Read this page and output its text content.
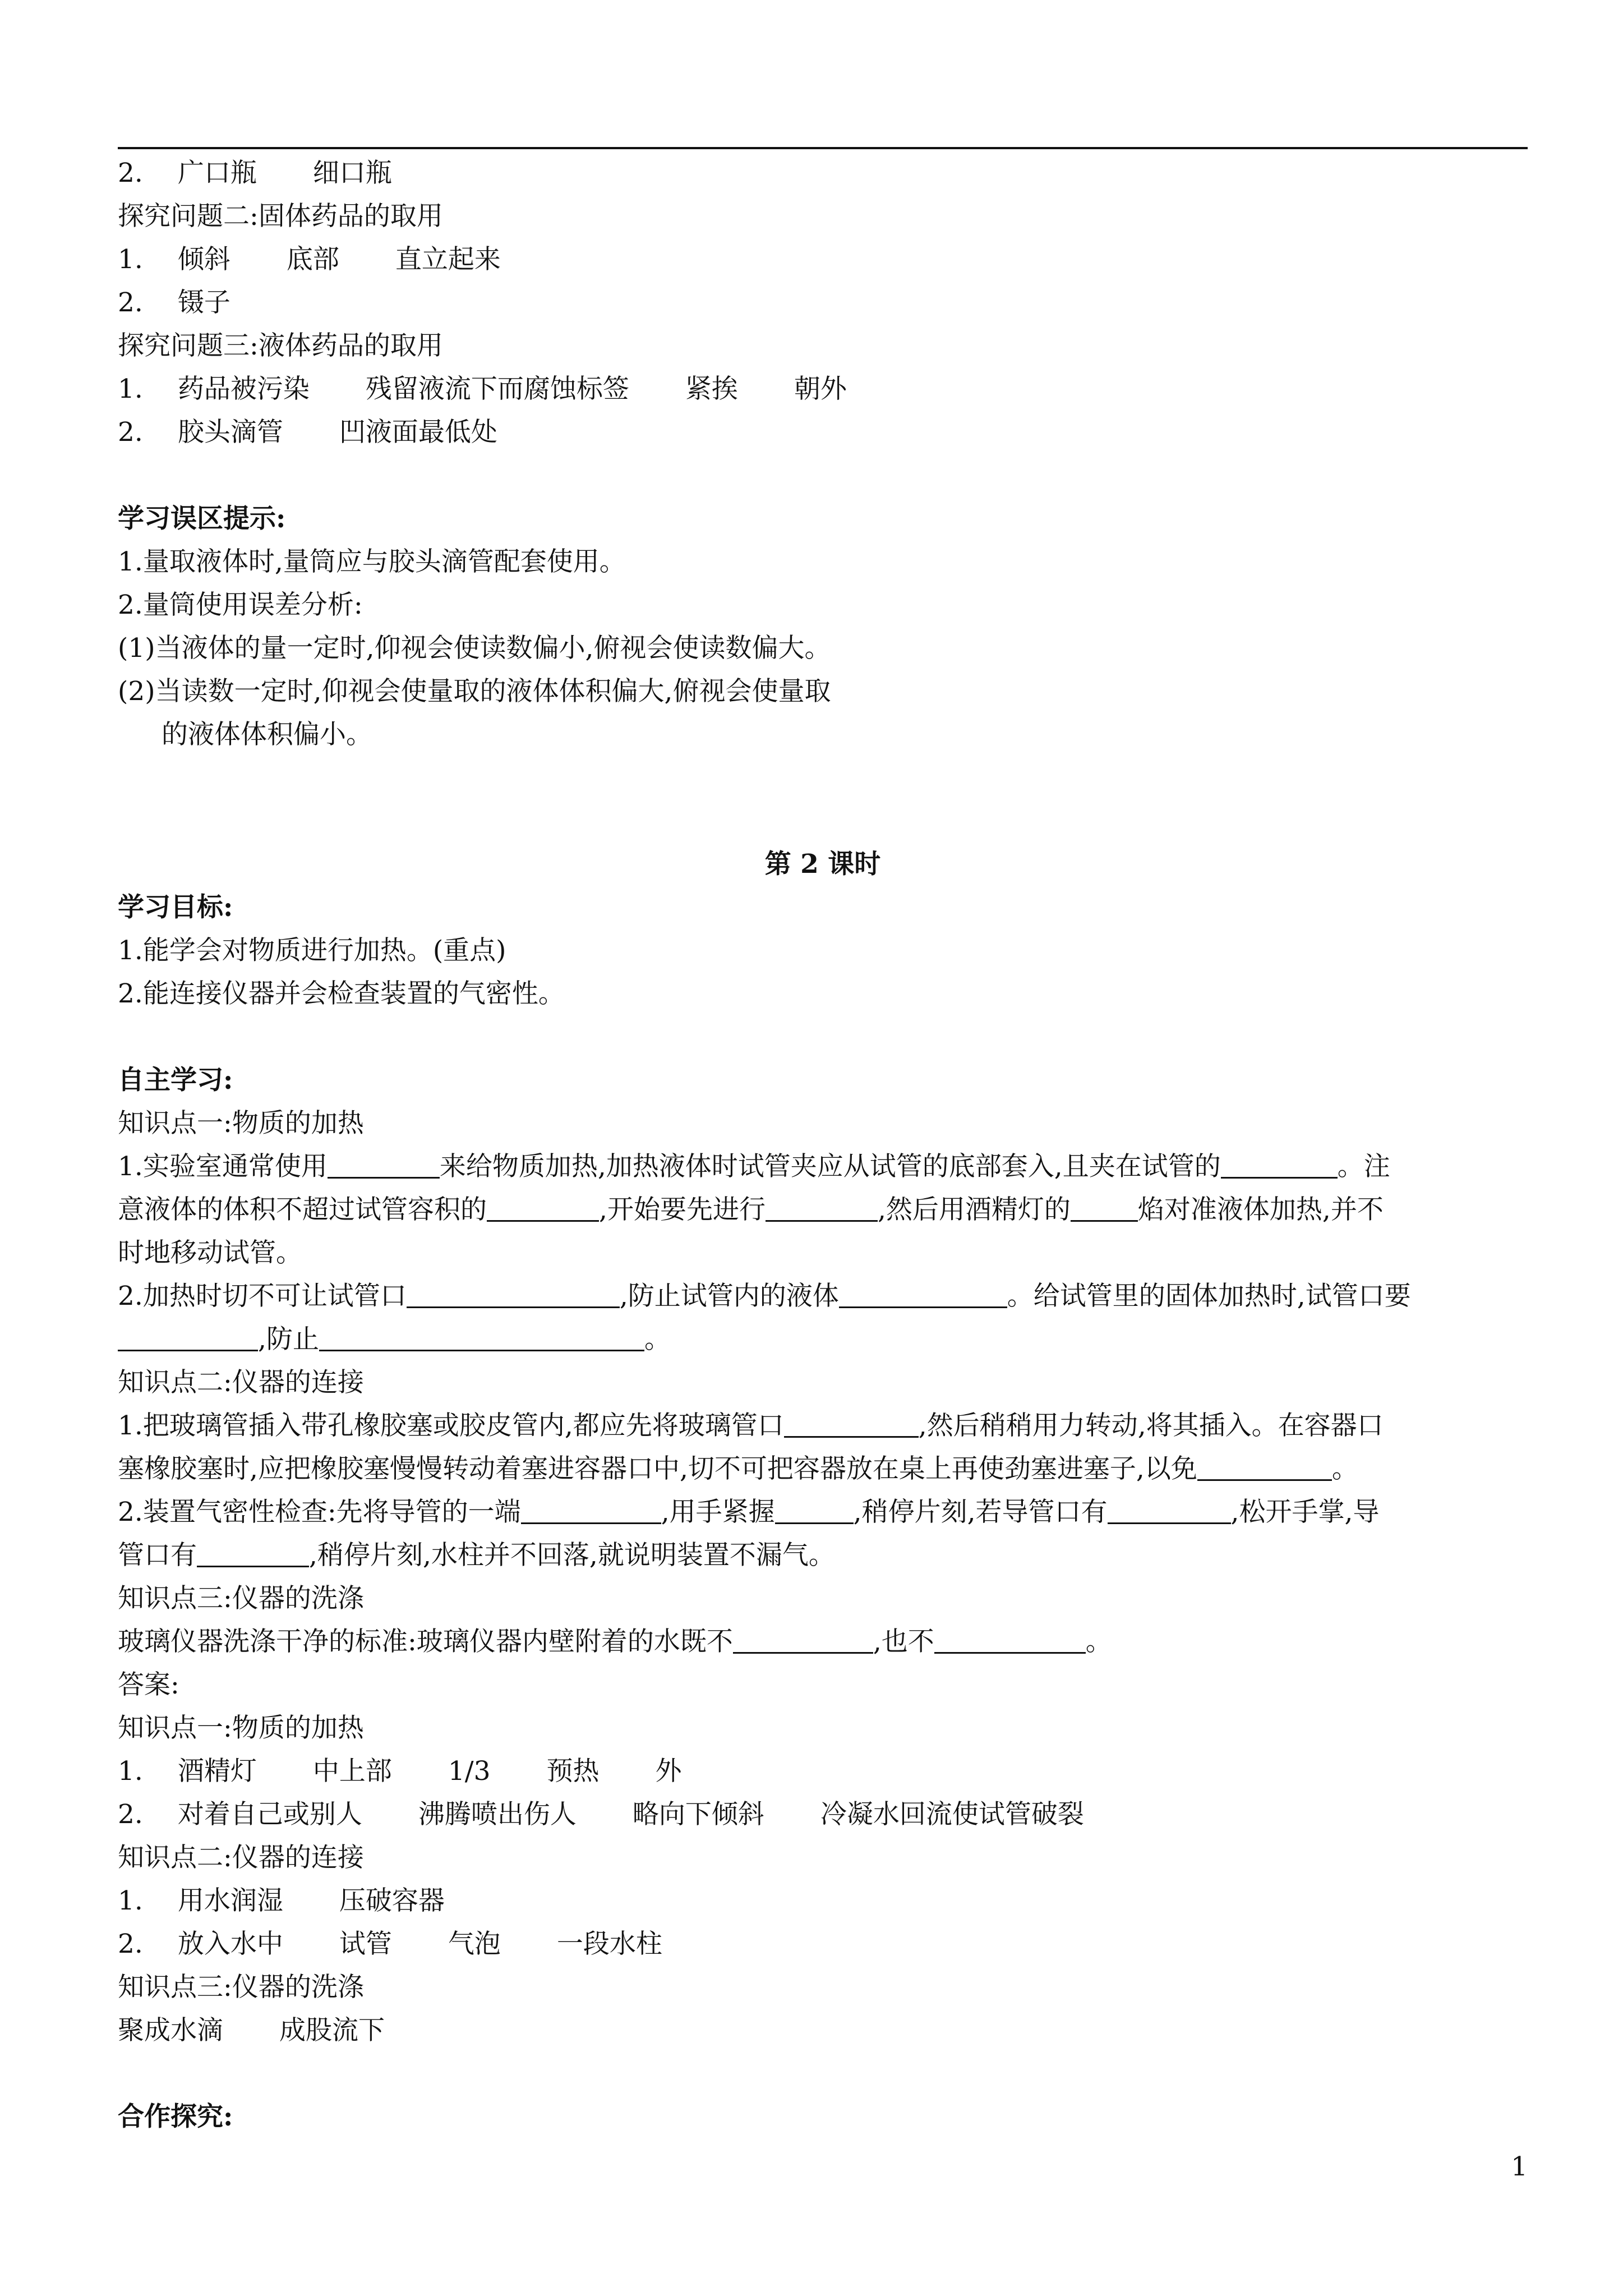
2. 广口瓶 细口瓶
探究问题二:固体药品的取用
1. 倾斜 底部 直立起来
2. 镊子
探究问题三:液体药品的取用
1. 药品被污染 残留液流下而腐蚀标签 紧挨 朝外
2. 胶头滴管 凹液面最低处
学习误区提示:
1.量取液体时,量筒应与胶头滴管配套使用。
2.量筒使用误差分析:
(1)当液体的量一定时,仰视会使读数偏小,俯视会使读数偏大。
(2)当读数一定时,仰视会使量取的液体体积偏大,俯视会使量取
的液体体积偏小。
第 2 课时
学习目标:
1.能学会对物质进行加热。(重点)
2.能连接仪器并会检查装置的气密性。
自主学习:
知识点一:物质的加热
1.实验室通常使用	来给物质加热,加热液体时试管夹应从试管的底部套入,且夹在试管的	。注
意液体的体积不超过试管容积的	,开始要先进行	,然后用酒精灯的	焰对准液体加热,并不
时地移动试管。
2.加热时切不可让试管口	,防止试管内的液体	。给试管里的固体加热时,试管口要
,防止	。
知识点二:仪器的连接
1.把玻璃管插入带孔橡胶塞或胶皮管内,都应先将玻璃管口	,然后稍稍用力转动,将其插入。在容器口
塞橡胶塞时,应把橡胶塞慢慢转动着塞进容器口中,切不可把容器放在桌上再使劲塞进塞子,以免	。
2.装置气密性检查:先将导管的一端	,用手紧握	,稍停片刻,若导管口有	,松开手掌,导
管口有	,稍停片刻,水柱并不回落,就说明装置不漏气。
知识点三:仪器的洗涤
玻璃仪器洗涤干净的标准:玻璃仪器内壁附着的水既不	,也不	。
答案:
知识点一:物质的加热
1. 酒精灯 中上部 1/3 预热 外
2. 对着自己或别人 沸腾喷出伤人 略向下倾斜 冷凝水回流使试管破裂
知识点二:仪器的连接
1. 用水润湿 压破容器
2. 放入水中 试管 气泡 一段水柱
知识点三:仪器的洗涤
聚成水滴 成股流下
合作探究:
1
